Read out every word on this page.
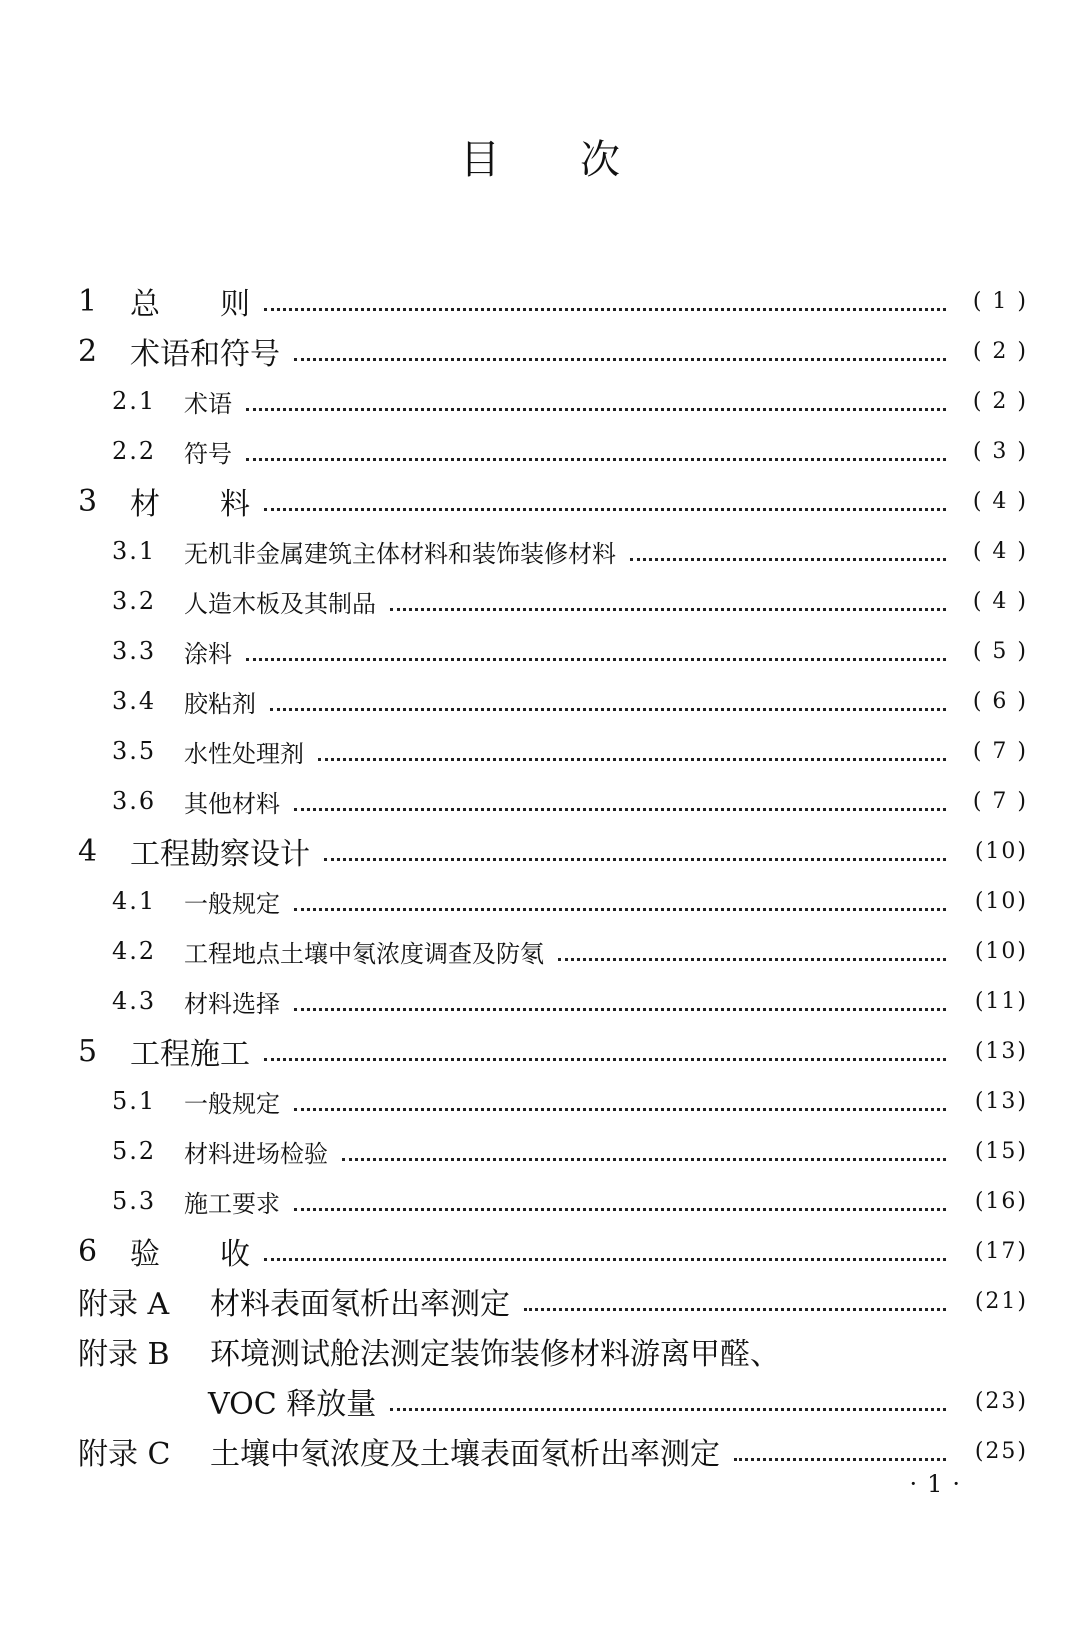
目次
1	总　　则	( 1 )
2	术语和符号	( 2 )
2.1	术语	( 2 )
2.2	符号	( 3 )
3	材　　料	( 4 )
3.1	无机非金属建筑主体材料和装饰装修材料	( 4 )
3.2	人造木板及其制品	( 4 )
3.3	涂料	( 5 )
3.4	胶粘剂	( 6 )
3.5	水性处理剂	( 7 )
3.6	其他材料	( 7 )
4	工程勘察设计	(10)
4.1	一般规定	(10)
4.2	工程地点土壤中氡浓度调查及防氡	(10)
4.3	材料选择	(11)
5	工程施工	(13)
5.1	一般规定	(13)
5.2	材料进场检验	(15)
5.3	施工要求	(16)
6	验　　收	(17)
附录 A	材料表面氡析出率测定	(21)
附录 B	环境测试舱法测定装饰装修材料游离甲醛、
VOC 释放量	(23)
附录 C	土壤中氡浓度及土壤表面氡析出率测定	(25)
·1·
